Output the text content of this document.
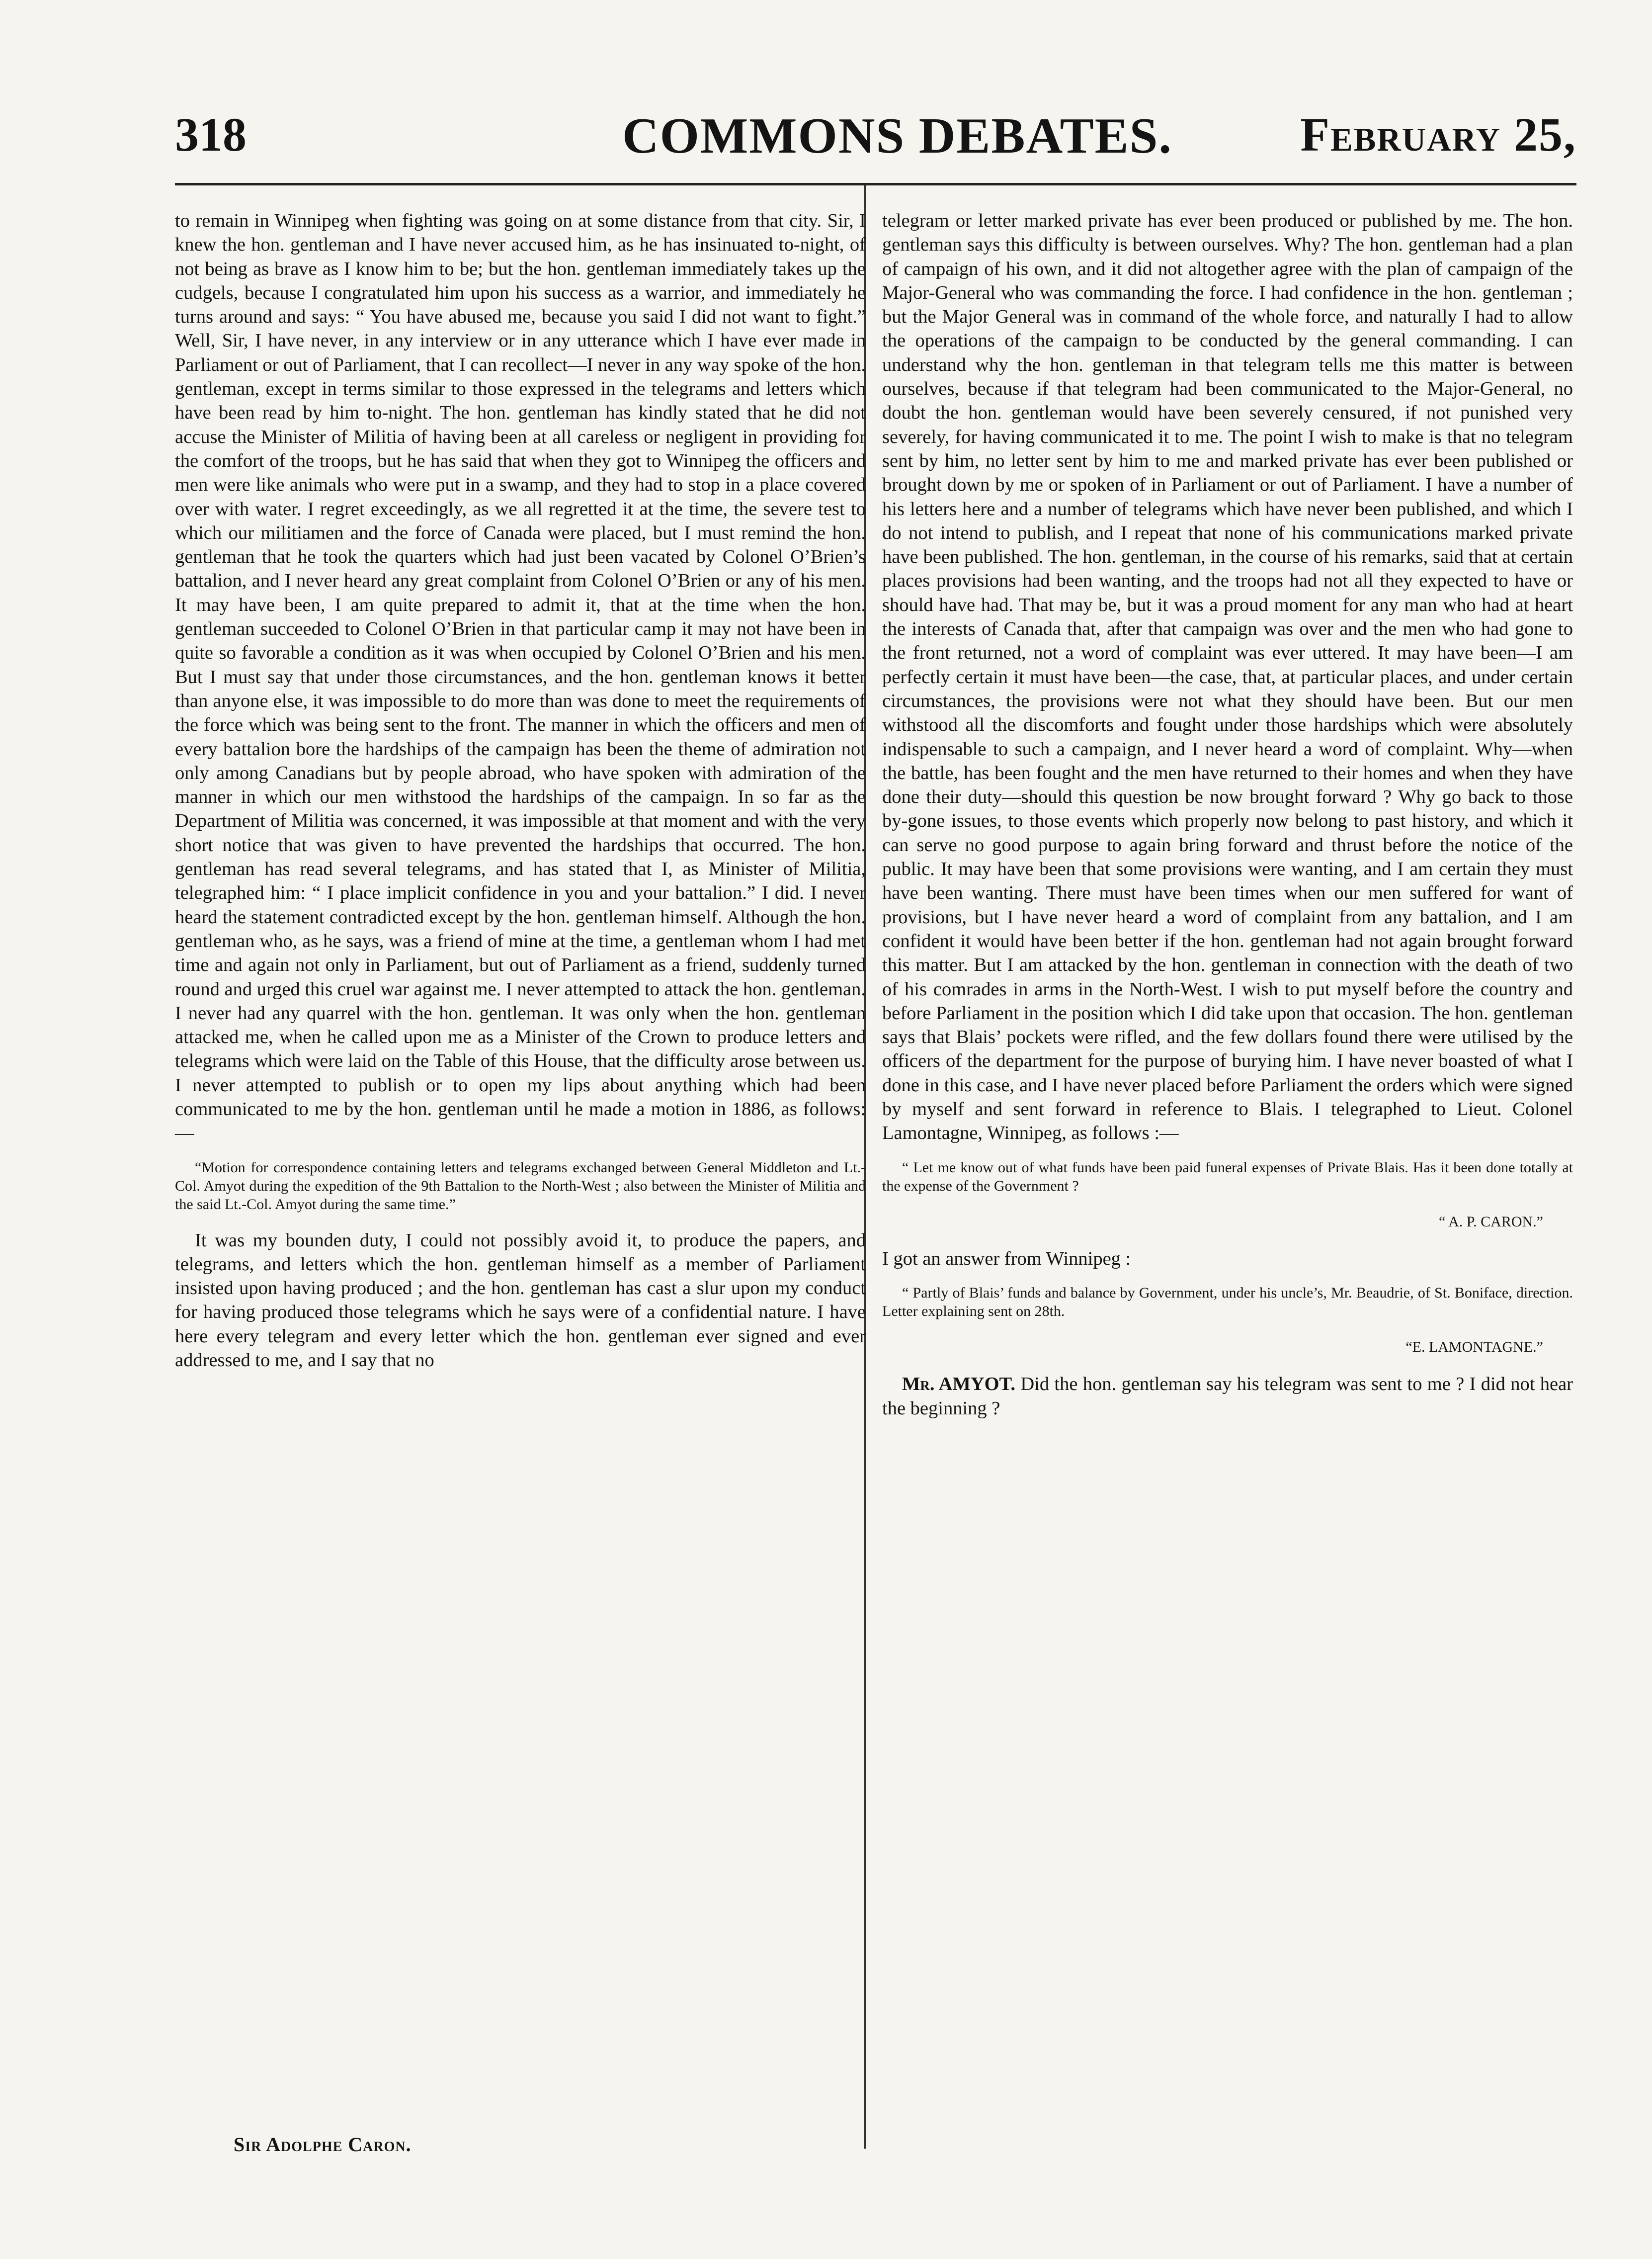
318	COMMONS DEBATES.	February 25,

to remain in Winnipeg when fighting was going on at some distance from that city. Sir, I knew the hon. gentleman and I have never accused him, as he has insinuated to-night, of not being as brave as I know him to be; but the hon. gentleman immediately takes up the cudgels, because I congratulated him upon his success as a warrior, and immediately he turns around and says: “ You have abused me, because you said I did not want to fight.” Well, Sir, I have never, in any interview or in any utterance which I have ever made in Parliament or out of Parliament, that I can recollect—I never in any way spoke of the hon. gentleman, except in terms similar to those expressed in the telegrams and letters which have been read by him to-night. The hon. gentleman has kindly stated that he did not accuse the Minister of Militia of having been at all careless or negligent in providing for the comfort of the troops, but he has said that when they got to Winnipeg the officers and men were like animals who were put in a swamp, and they had to stop in a place covered over with water. I regret exceedingly, as we all regretted it at the time, the severe test to which our militiamen and the force of Canada were placed, but I must remind the hon. gentleman that he took the quarters which had just been vacated by Colonel O’Brien’s battalion, and I never heard any great complaint from Colonel O’Brien or any of his men. It may have been, I am quite prepared to admit it, that at the time when the hon. gentleman succeeded to Colonel O’Brien in that particular camp it may not have been in quite so favorable a condition as it was when occupied by Colonel O’Brien and his men. But I must say that under those circumstances, and the hon. gentleman knows it better than anyone else, it was impossible to do more than was done to meet the requirements of the force which was being sent to the front. The manner in which the officers and men of every battalion bore the hardships of the campaign has been the theme of admiration not only among Canadians but by people abroad, who have spoken with admiration of the manner in which our men withstood the hardships of the campaign. In so far as the Department of Militia was concerned, it was impossible at that moment and with the very short notice that was given to have prevented the hardships that occurred. The hon. gentleman has read several telegrams, and has stated that I, as Minister of Militia, telegraphed him: “ I place implicit confidence in you and your battalion.” I did. I never heard the statement contradicted except by the hon. gentleman himself. Although the hon. gentleman who, as he says, was a friend of mine at the time, a gentleman whom I had met time and again not only in Parliament, but out of Parliament as a friend, suddenly turned round and urged this cruel war against me. I never attempted to attack the hon. gentleman. I never had any quarrel with the hon. gentleman. It was only when the hon. gentleman attacked me, when he called upon me as a Minister of the Crown to produce letters and telegrams which were laid on the Table of this House, that the difficulty arose between us. I never attempted to publish or to open my lips about anything which had been communicated to me by the hon. gentleman until he made a motion in 1886, as follows:—

“Motion for correspondence containing letters and telegrams exchanged between General Middleton and Lt.-Col. Amyot during the expedition of the 9th Battalion to the North-West ; also between the Minister of Militia and the said Lt.-Col. Amyot during the same time.”

It was my bounden duty, I could not possibly avoid it, to produce the papers, and telegrams, and letters which the hon. gentleman himself as a member of Parliament insisted upon having produced ; and the hon. gentleman has cast a slur upon my conduct for having produced those telegrams which he says were of a confidential nature. I have here every telegram and every letter which the hon. gentleman ever signed and ever addressed to me, and I say that no

telegram or letter marked private has ever been produced or published by me. The hon. gentleman says this difficulty is between ourselves. Why? The hon. gentleman had a plan of campaign of his own, and it did not altogether agree with the plan of campaign of the Major-General who was commanding the force. I had confidence in the hon. gentleman ; but the Major General was in command of the whole force, and naturally I had to allow the operations of the campaign to be conducted by the general commanding. I can understand why the hon. gentleman in that telegram tells me this matter is between ourselves, because if that telegram had been communicated to the Major-General, no doubt the hon. gentleman would have been severely censured, if not punished very severely, for having communicated it to me. The point I wish to make is that no telegram sent by him, no letter sent by him to me and marked private has ever been published or brought down by me or spoken of in Parliament or out of Parliament. I have a number of his letters here and a number of telegrams which have never been published, and which I do not intend to publish, and I repeat that none of his communications marked private have been published. The hon. gentleman, in the course of his remarks, said that at certain places provisions had been wanting, and the troops had not all they expected to have or should have had. That may be, but it was a proud moment for any man who had at heart the interests of Canada that, after that campaign was over and the men who had gone to the front returned, not a word of complaint was ever uttered. It may have been—I am perfectly certain it must have been—the case, that, at particular places, and under certain circumstances, the provisions were not what they should have been. But our men withstood all the discomforts and fought under those hardships which were absolutely indispensable to such a campaign, and I never heard a word of complaint. Why—when the battle, has been fought and the men have returned to their homes and when they have done their duty—should this question be now brought forward ? Why go back to those by-gone issues, to those events which properly now belong to past history, and which it can serve no good purpose to again bring forward and thrust before the notice of the public. It may have been that some provisions were wanting, and I am certain they must have been wanting. There must have been times when our men suffered for want of provisions, but I have never heard a word of complaint from any battalion, and I am confident it would have been better if the hon. gentleman had not again brought forward this matter. But I am attacked by the hon. gentleman in connection with the death of two of his comrades in arms in the North-West. I wish to put myself before the country and before Parliament in the position which I did take upon that occasion. The hon. gentleman says that Blais’ pockets were rifled, and the few dollars found there were utilised by the officers of the department for the purpose of burying him. I have never boasted of what I done in this case, and I have never placed before Parliament the orders which were signed by myself and sent forward in reference to Blais. I telegraphed to Lieut. Colonel Lamontagne, Winnipeg, as follows :—

“ Let me know out of what funds have been paid funeral expenses of Private Blais. Has it been done totally at the expense of the Government ?
“ A. P. CARON.”

I got an answer from Winnipeg :

“ Partly of Blais’ funds and balance by Government, under his uncle’s, Mr. Beaudrie, of St. Boniface, direction. Letter explaining sent on 28th.
“E. LAMONTAGNE.”

Mr. AMYOT. Did the hon. gentleman say his telegram was sent to me ? I did not hear the beginning ?

Sir Adolphe Caron.
